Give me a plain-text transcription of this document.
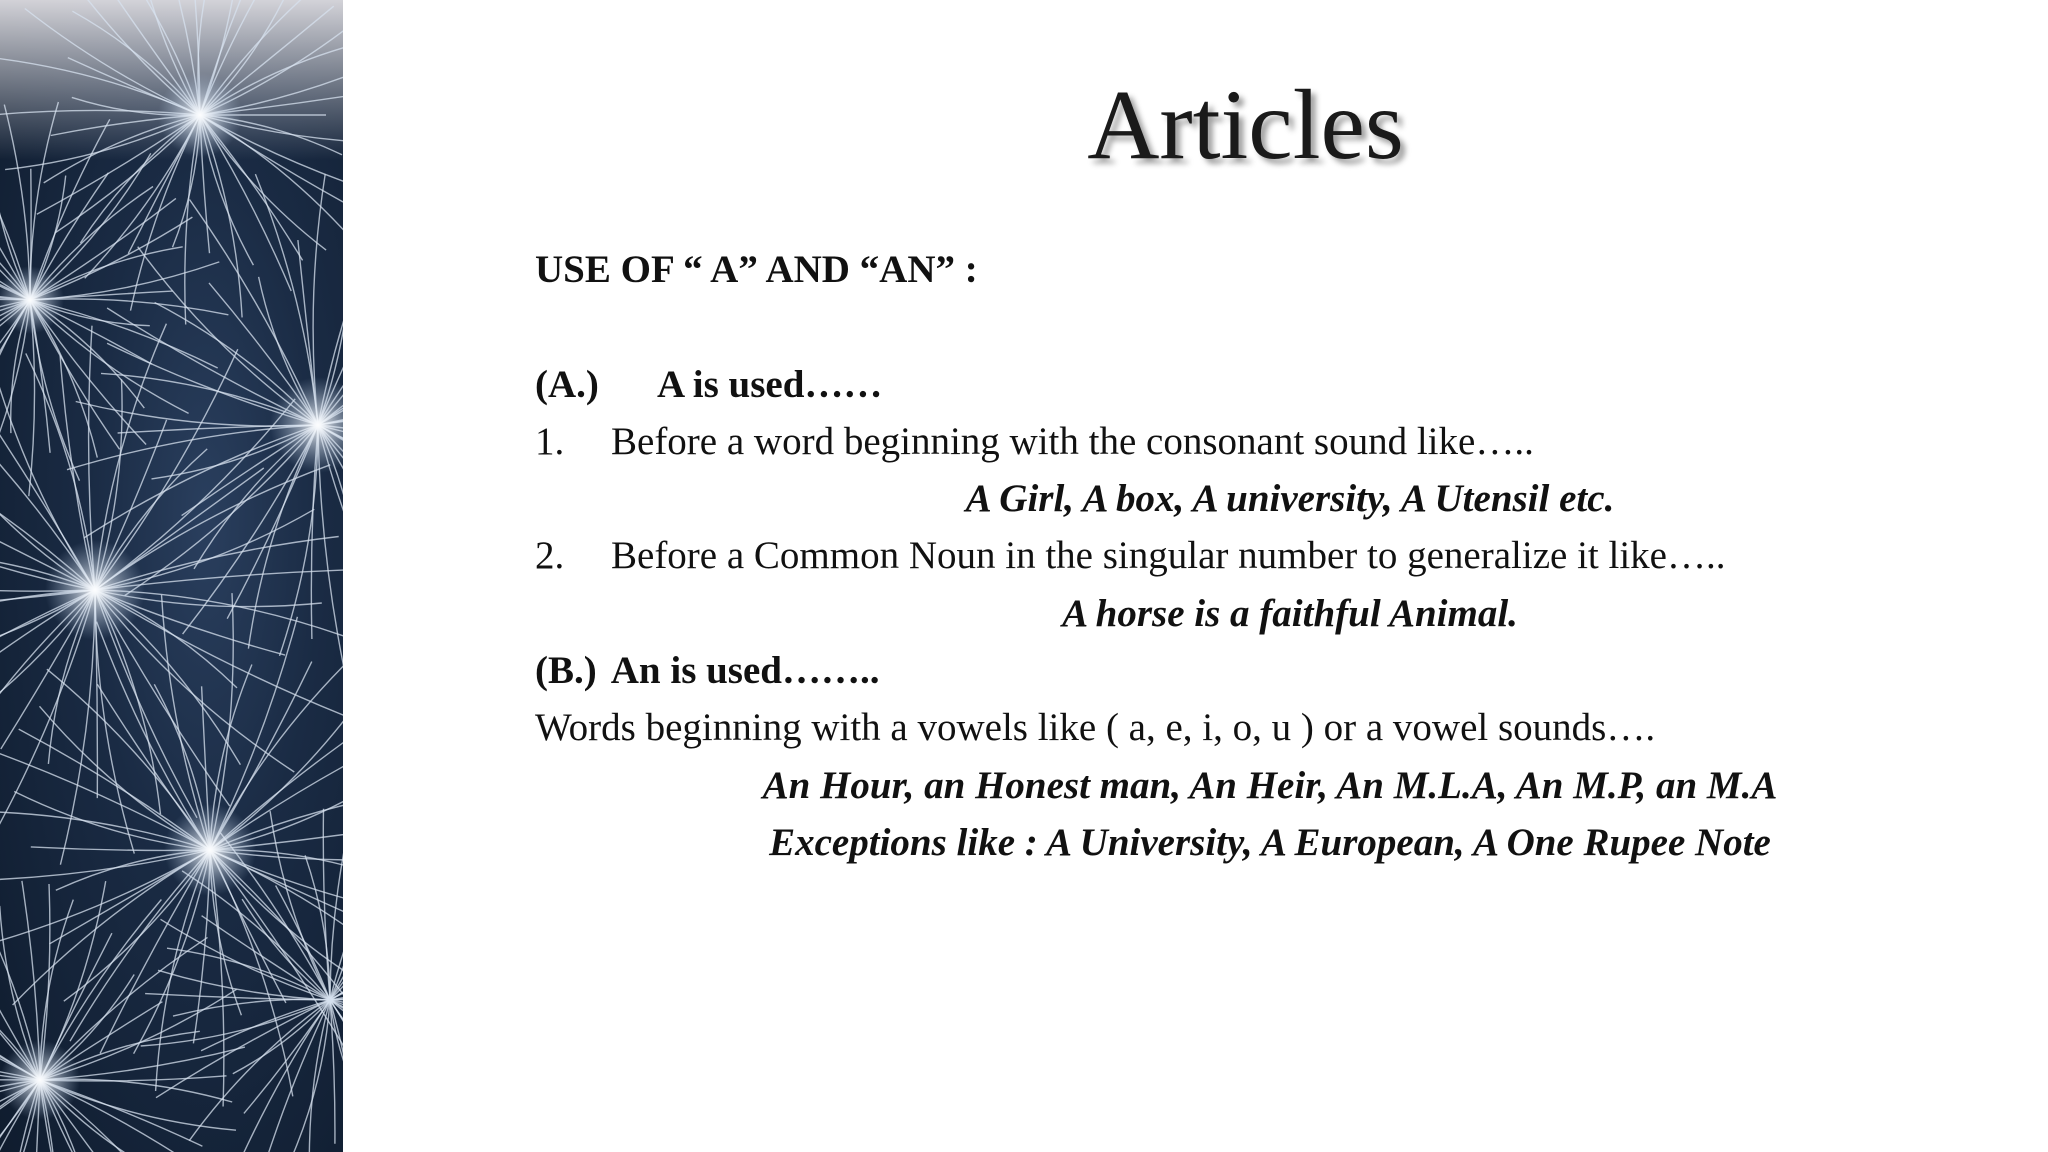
Articles
USE OF “ A” AND “AN” :
(A.) A is used……
1. Before a word beginning with the consonant sound like…..
A Girl, A box, A university, A Utensil etc.
2. Before a Common Noun in the singular number to generalize it like…..
A horse is a faithful Animal.
(B.) An is used……..
Words beginning with a vowels like ( a, e, i, o, u ) or a vowel sounds….
An Hour, an Honest man, An Heir, An M.L.A, An M.P, an M.A
Exceptions like : A University, A European, A One Rupee Note
